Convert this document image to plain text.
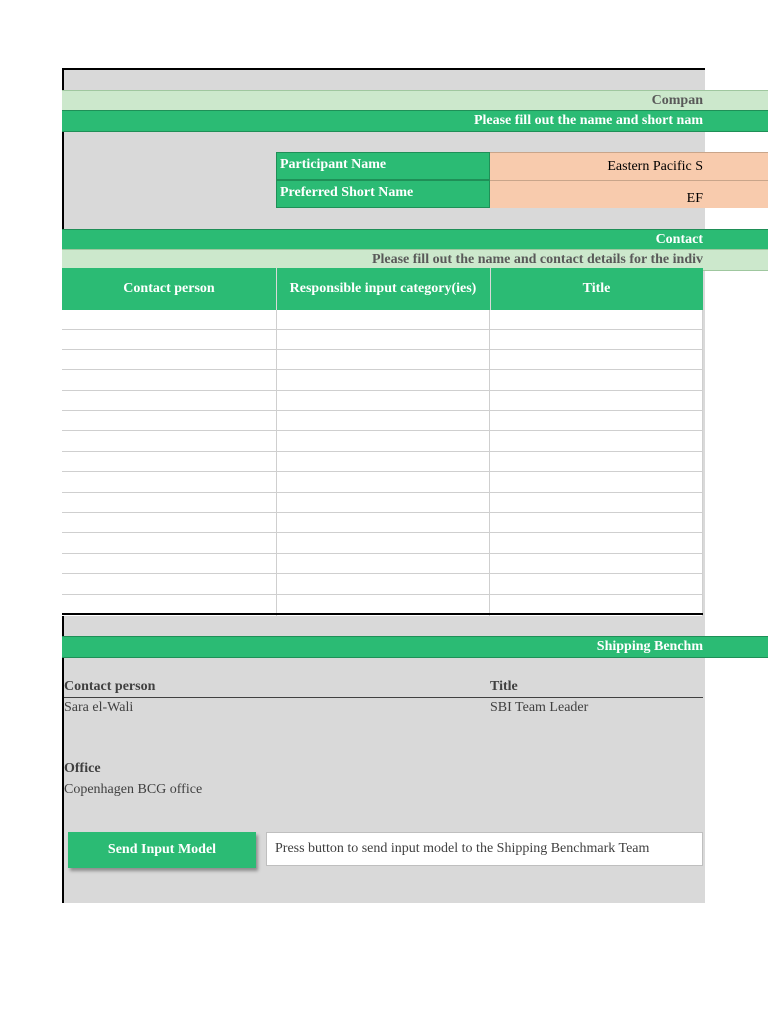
Compan
Please fill out the name and short nam
Participant Name	Eastern Pacific S
Preferred Short Name	EF
Contact
Please fill out the name and contact details for the indiv
Contact person	Responsible input category(ies)	Title
Shipping Benchm
Contact person	Title
Sara el-Wali	SBI Team Leader
Office
Copenhagen BCG office
Send Input Model	Press button to send input model to the Shipping Benchmark Team
